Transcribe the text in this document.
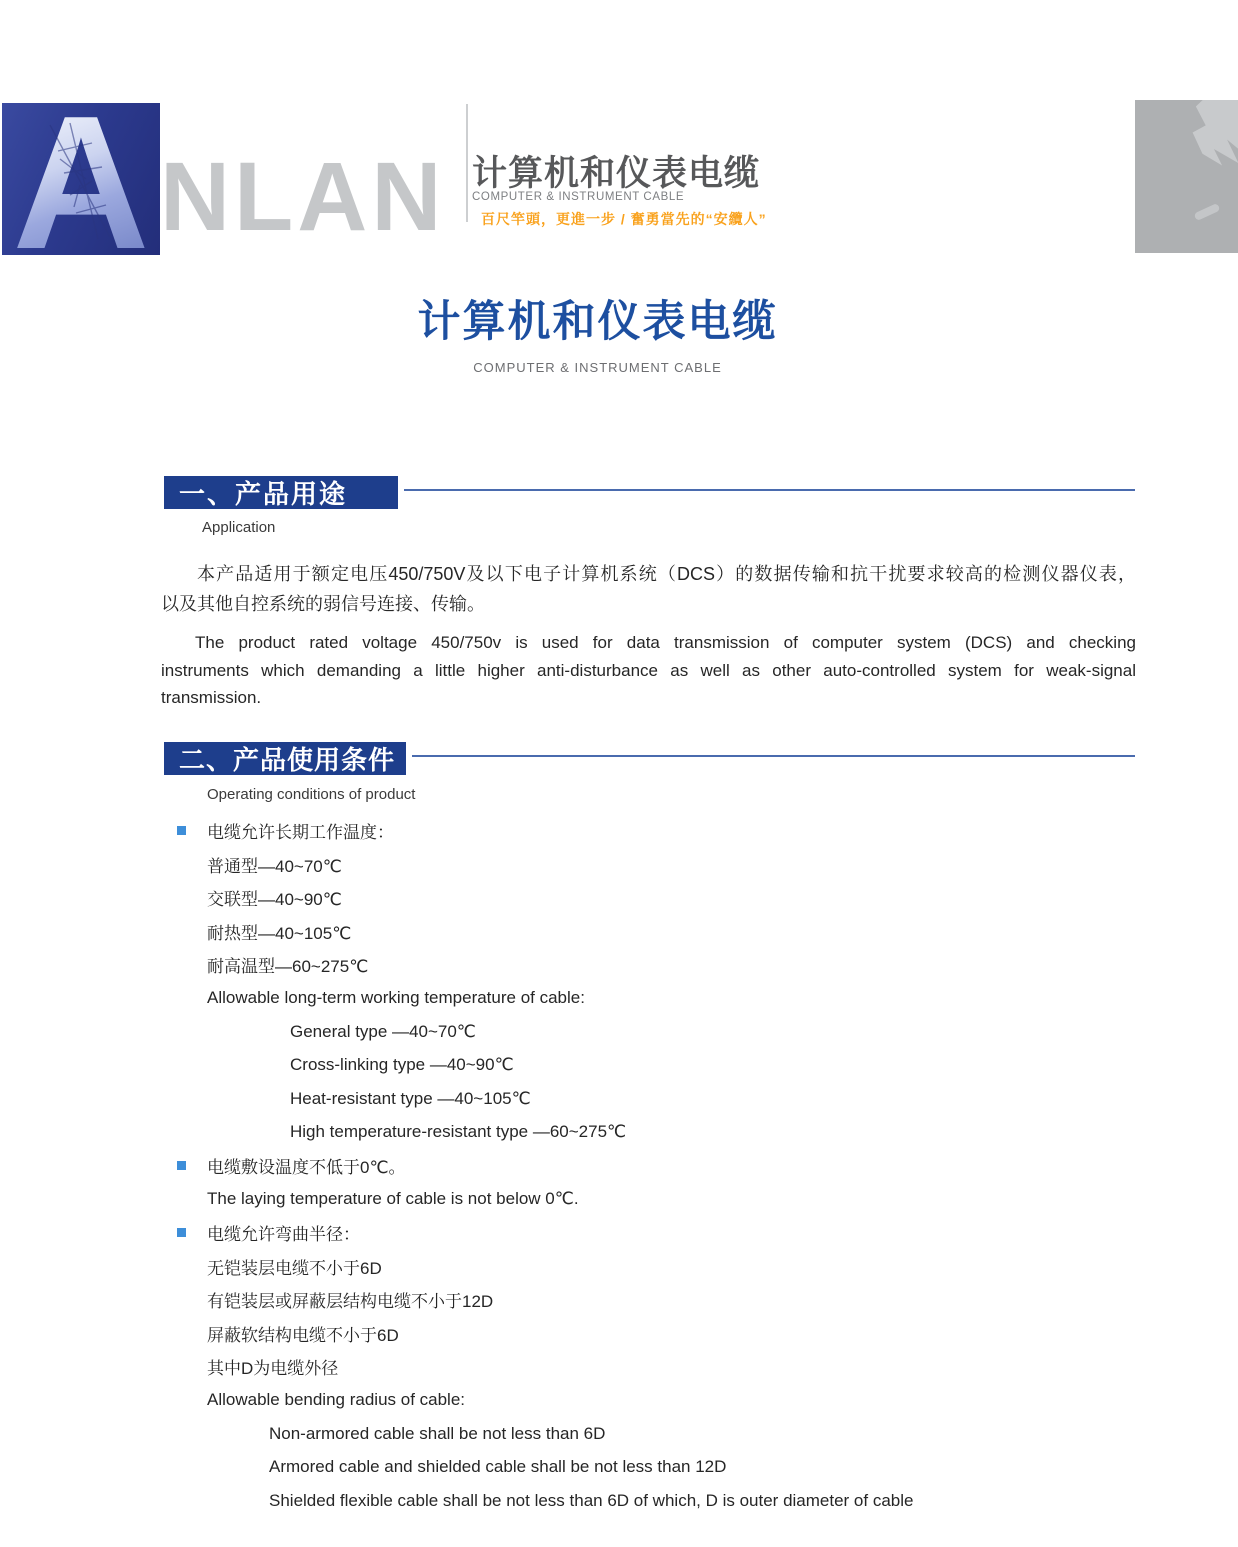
A NLAN 计算机和仪表电缆
COMPUTER & INSTRUMENT CABLE
百尺竿頭，更進一步 / 奮勇當先的“安纜人”
计算机和仪表电缆
COMPUTER & INSTRUMENT CABLE
一、产品用途
Application
本产品适用于额定电压450/750V及以下电子计算机系统（DCS）的数据传输和抗干扰要求较高的检测仪器仪表，
以及其他自控系统的弱信号连接、传输。
The product rated voltage 450/750v is used for data transmission of computer system (DCS) and checking
instruments which demanding a little higher anti-disturbance as well as other auto-controlled system for weak-signal
transmission.
二、产品使用条件
Operating conditions of product
电缆允许长期工作温度：
普通型—40~70℃
交联型—40~90℃
耐热型—40~105℃
耐高温型—60~275℃
Allowable long-term working temperature of cable:
General type —40~70℃
Cross-linking type —40~90℃
Heat-resistant type —40~105℃
High temperature-resistant type —60~275℃
电缆敷设温度不低于0℃。
The laying temperature of cable is not below 0℃.
电缆允许弯曲半径：
无铠装层电缆不小于6D
有铠装层或屏蔽层结构电缆不小于12D
屏蔽软结构电缆不小于6D
其中D为电缆外径
Allowable bending radius of cable:
Non-armored cable shall be not less than 6D
Armored cable and shielded cable shall be not less than 12D
Shielded flexible cable shall be not less than 6D of which, D is outer diameter of cable
